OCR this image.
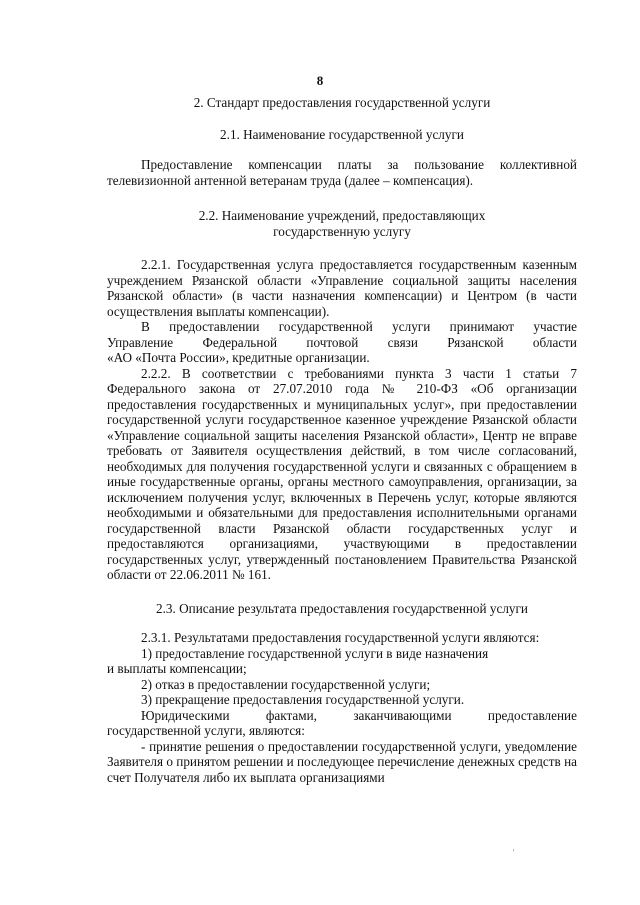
8

2. Стандарт предоставления государственной услуги

2.1. Наименование государственной услуги

Предоставление компенсации платы за пользование коллективной телевизионной антенной ветеранам труда (далее – компенсация).

2.2. Наименование учреждений, предоставляющих

государственную услугу

2.2.1. Государственная услуга предоставляется государственным казенным учреждением Рязанской области «Управление социальной защиты населения Рязанской области» (в части назначения компенсации) и Центром (в части осуществления выплаты компенсации).

В предоставлении государственной услуги принимают участие

Управление Федеральной почтовой связи Рязанской области

«АО «Почта России», кредитные организации.

2.2.2. В соответствии с требованиями пункта 3 части 1 статьи 7 Федерального закона от 27.07.2010 года № 210-ФЗ «Об организации предоставления государственных и муниципальных услуг», при предоставлении государственной услуги государственное казенное учреждение Рязанской области «Управление социальной защиты населения Рязанской области», Центр не вправе требовать от Заявителя осуществления действий, в том числе согласований, необходимых для получения государственной услуги и связанных с обращением в иные государственные органы, органы местного самоуправления, организации, за исключением получения услуг, включенных в Перечень услуг, которые являются необходимыми и обязательными для предоставления исполнительными органами государственной власти Рязанской области государственных услуг и предоставляются организациями, участвующими в предоставлении государственных услуг, утвержденный постановлением Правительства Рязанской области от 22.06.2011 № 161.

2.3. Описание результата предоставления государственной услуги

2.3.1. Результатами предоставления государственной услуги являются:

1) предоставление государственной услуги в виде назначения

и выплаты компенсации;

2) отказ в предоставлении государственной услуги;

3) прекращение предоставления государственной услуги.

Юридическими	фактами,	заканчивающими	предоставление

государственной услуги, являются:

- принятие решения о предоставлении государственной услуги, уведомление Заявителя о принятом решении и последующее перечисление денежных средств на счет Получателя либо их выплата организациями

⸒
